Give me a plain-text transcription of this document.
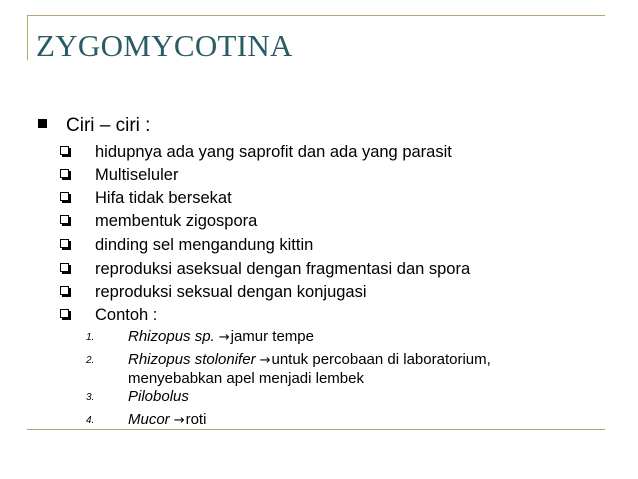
ZYGOMYCOTINA
Ciri – ciri :
hidupnya ada yang saprofit dan ada yang parasit
Multiseluler
Hifa tidak bersekat
membentuk zigospora
dinding sel mengandung kittin
reproduksi aseksual dengan fragmentasi dan spora
reproduksi seksual dengan konjugasi
Contoh :
1. Rhizopus sp. →jamur tempe
2. Rhizopus stolonifer →untuk percobaan di laboratorium,
menyebabkan apel menjadi lembek
3. Pilobolus
4. Mucor →roti
